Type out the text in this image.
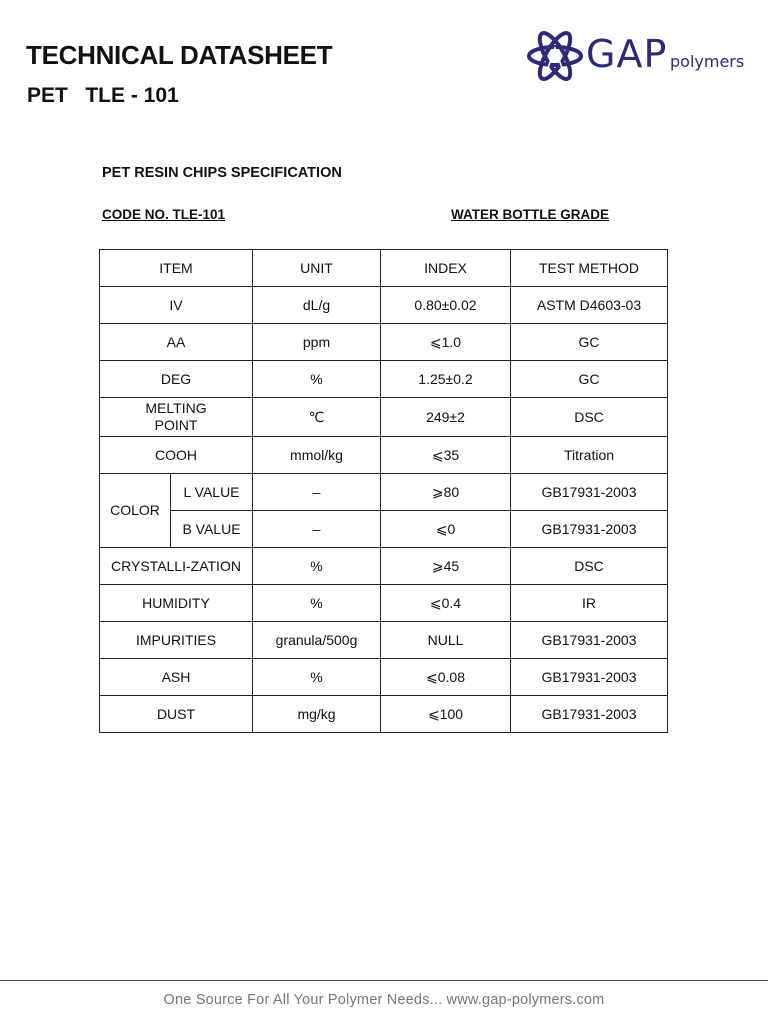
TECHNICAL DATASHEET
PET   TLE - 101
GAP polymers
PET RESIN CHIPS SPECIFICATION
CODE NO. TLE-101	WATER BOTTLE GRADE
ITEM		UNIT	INDEX	TEST METHOD
IV		dL/g	0.80±0.02	ASTM D4603-03
AA		ppm	⩽1.0	GC
DEG		%	1.25±0.2	GC

MELTING
POINT		℃	249±2	DSC
COOH		mmol/kg	⩽35	Titration
COLOR	L VALUE	–	⩾80	GB17931-2003
	B VALUE	–	⩽0	GB17931-2003
CRYSTALLI-ZATION		%	⩾45	DSC
HUMIDITY		%	⩽0.4	IR
IMPURITIES		granula/500g	NULL	GB17931-2003
ASH		%	⩽0.08	GB17931-2003
DUST		mg/kg	⩽100	GB17931-2003
One Source For All Your Polymer Needs... www.gap-polymers.com
